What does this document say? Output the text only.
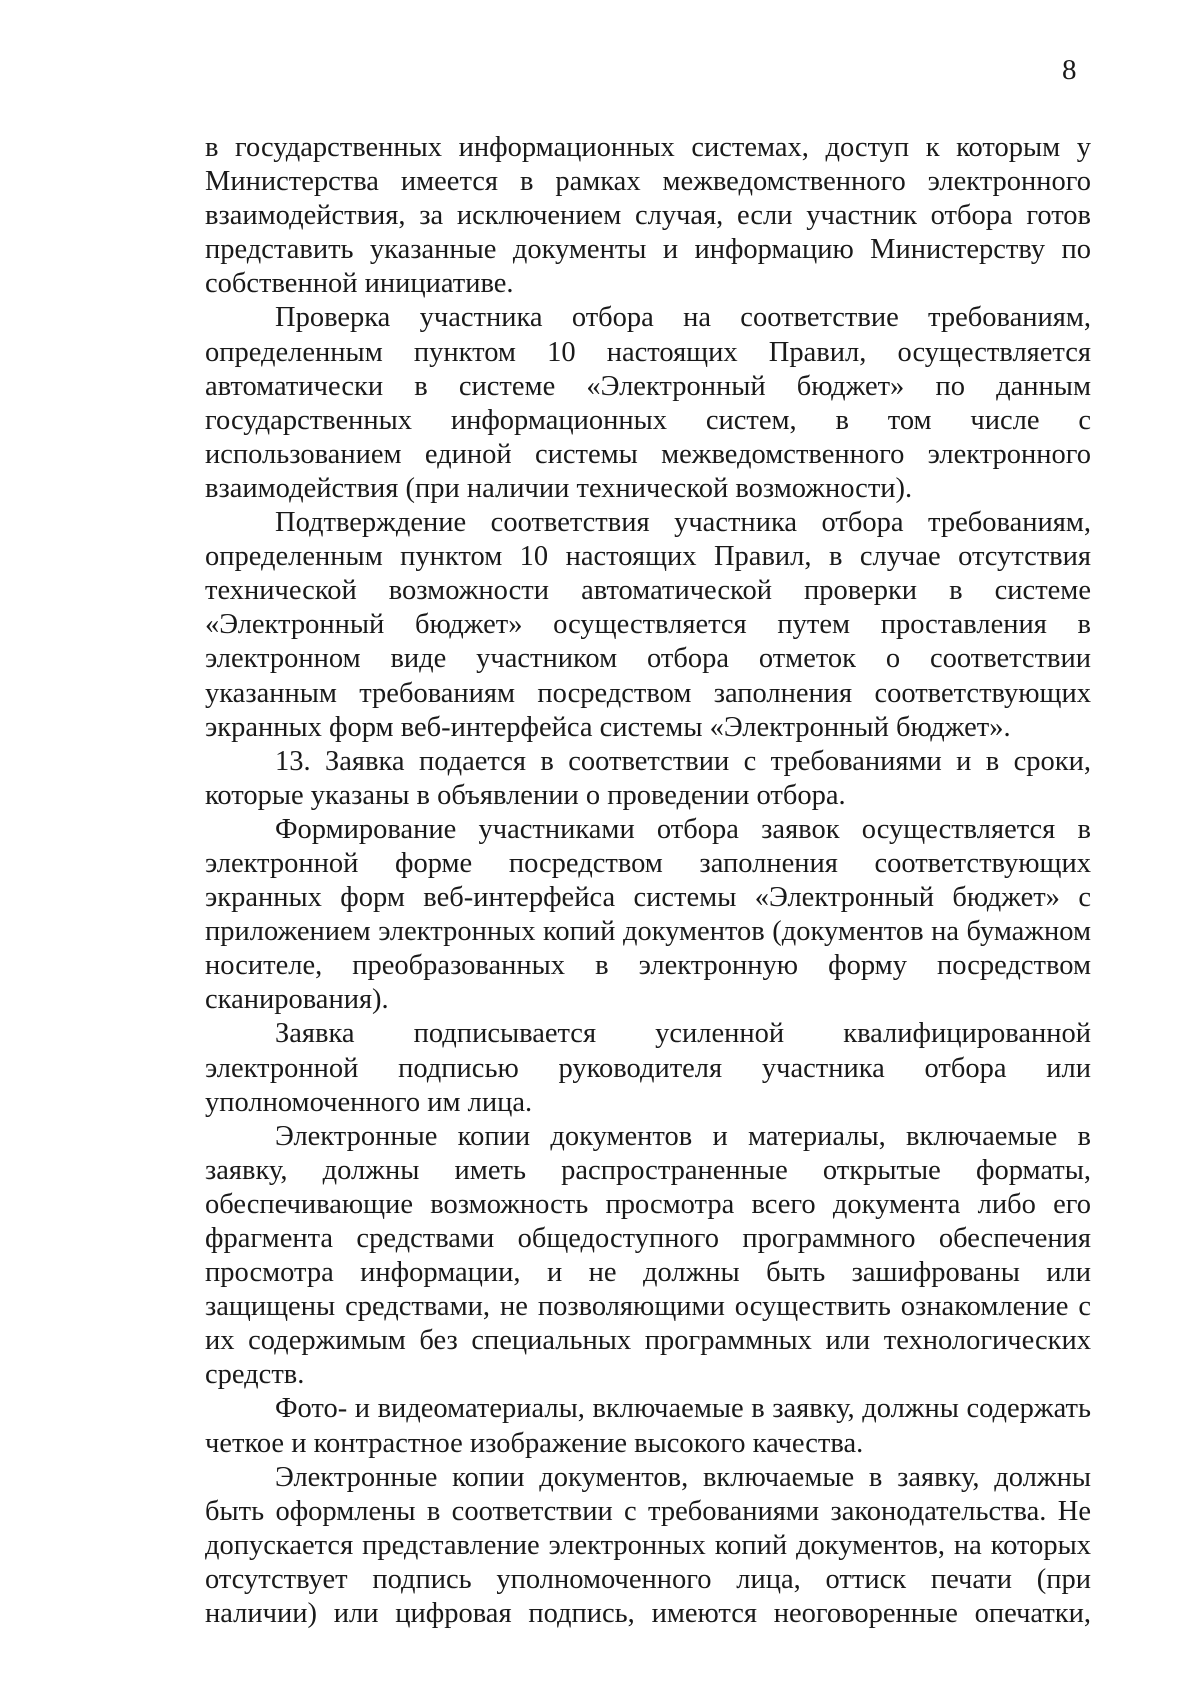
8

в государственных информационных системах, доступ к которым у Министерства имеется в рамках межведомственного электронного взаимодействия, за исключением случая, если участник отбора готов представить указанные документы и информацию Министерству по собственной инициативе.

Проверка участника отбора на соответствие требованиям, определенным пунктом 10 настоящих Правил, осуществляется автоматически в системе «Электронный бюджет» по данным государственных информационных систем, в том числе с использованием единой системы межведомственного электронного взаимодействия (при наличии технической возможности).

Подтверждение соответствия участника отбора требованиям, определенным пунктом 10 настоящих Правил, в случае отсутствия технической возможности автоматической проверки в системе «Электронный бюджет» осуществляется путем проставления в электронном виде участником отбора отметок о соответствии указанным требованиям посредством заполнения соответствующих экранных форм веб-интерфейса системы «Электронный бюджет».

13. Заявка подается в соответствии с требованиями и в сроки, которые указаны в объявлении о проведении отбора.

Формирование участниками отбора заявок осуществляется в электронной форме посредством заполнения соответствующих экранных форм веб-интерфейса системы «Электронный бюджет» с приложением электронных копий документов (документов на бумажном носителе, преобразованных в электронную форму посредством сканирования).

Заявка подписывается усиленной квалифицированной электронной подписью руководителя участника отбора или уполномоченного им лица.

Электронные копии документов и материалы, включаемые в заявку, должны иметь распространенные открытые форматы, обеспечивающие возможность просмотра всего документа либо его фрагмента средствами общедоступного программного обеспечения просмотра информации, и не должны быть зашифрованы или защищены средствами, не позволяющими осуществить ознакомление с их содержимым без специальных программных или технологических средств.

Фото- и видеоматериалы, включаемые в заявку, должны содержать четкое и контрастное изображение высокого качества.

Электронные копии документов, включаемые в заявку, должны быть оформлены в соответствии с требованиями законодательства. Не допускается представление электронных копий документов, на которых отсутствует подпись уполномоченного лица, оттиск печати (при наличии) или цифровая подпись, имеются неоговоренные опечатки,
